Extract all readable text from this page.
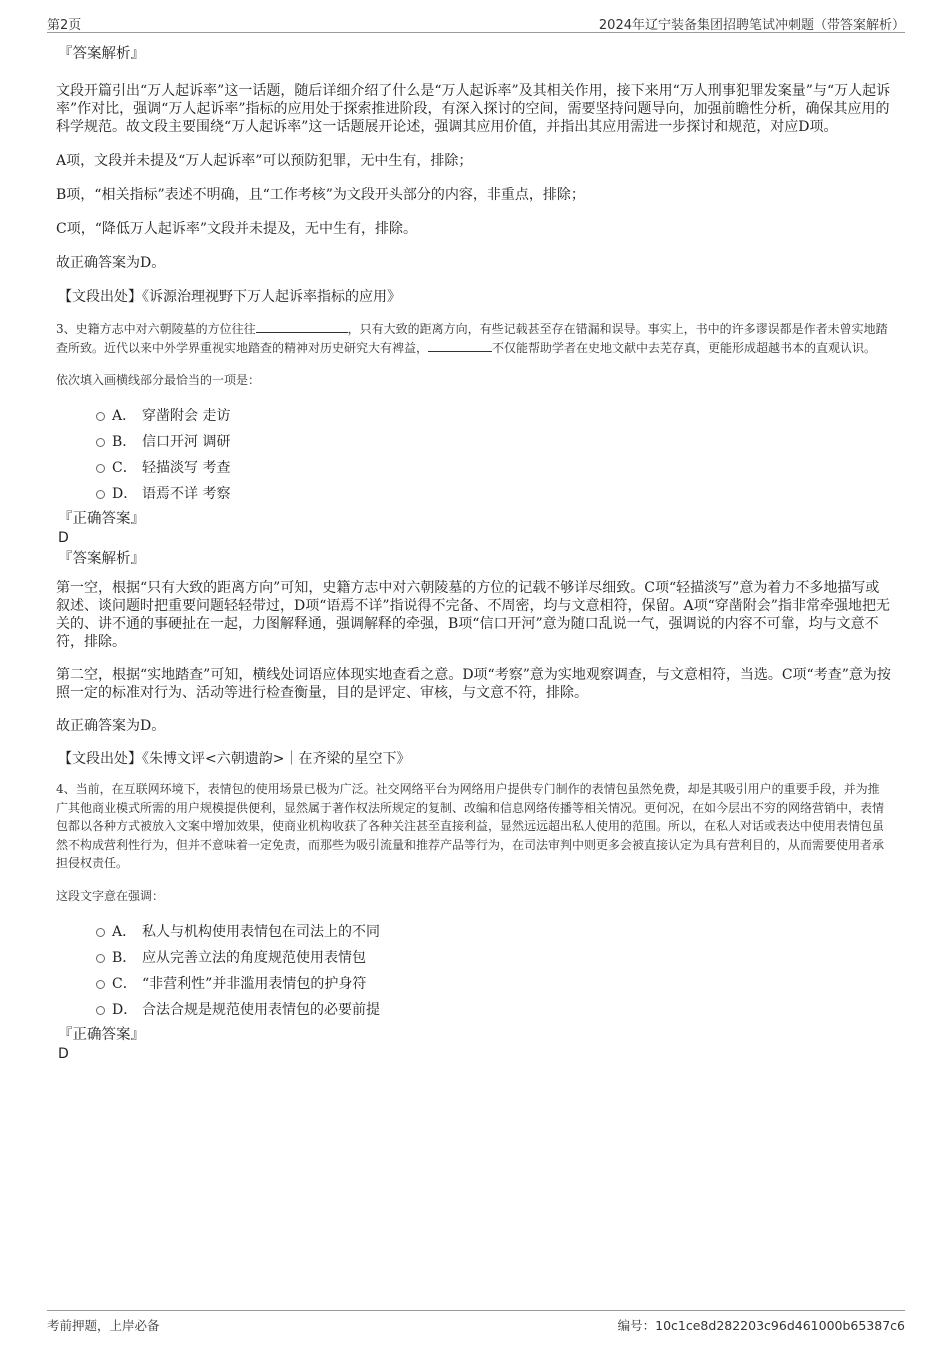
第2页	2024年辽宁装备集团招聘笔试冲刺题（带答案解析）
『答案解析』

文段开篇引出“万人起诉率”这一话题，随后详细介绍了什么是“万人起诉率”及其相关作用，接下来用“万人刑事犯罪发案量”与“万人起诉率”作对比，强调“万人起诉率”指标的应用处于探索推进阶段，有深入探讨的空间，需要坚持问题导向，加强前瞻性分析，确保其应用的科学规范。故文段主要围绕“万人起诉率”这一话题展开论述，强调其应用价值，并指出其应用需进一步探讨和规范，对应D项。

A项，文段并未提及“万人起诉率”可以预防犯罪，无中生有，排除；

B项，“相关指标”表述不明确，且“工作考核”为文段开头部分的内容，非重点，排除；

C项，“降低万人起诉率”文段并未提及，无中生有，排除。

故正确答案为D。

【文段出处】《诉源治理视野下万人起诉率指标的应用》

3、史籍方志中对六朝陵墓的方位往往	，只有大致的距离方向，有些记载甚至存在错漏和误导。事实上，书中的许多谬误都是作者未曾实地踏查所致。近代以来中外学界重视实地踏查的精神对历史研究大有裨益，	不仅能帮助学者在史地文献中去芜存真，更能形成超越书本的直观认识。

依次填入画横线部分最恰当的一项是：

A． 穿凿附会 走访
B． 信口开河 调研
C． 轻描淡写 考查
D． 语焉不详 考察
『正确答案』
D
『答案解析』

第一空，根据“只有大致的距离方向”可知，史籍方志中对六朝陵墓的方位的记载不够详尽细致。C项“轻描淡写”意为着力不多地描写或叙述、谈问题时把重要问题轻轻带过，D项“语焉不详”指说得不完备、不周密，均与文意相符，保留。A项“穿凿附会”指非常牵强地把无关的、讲不通的事硬扯在一起，力图解释通，强调解释的牵强，B项“信口开河”意为随口乱说一气，强调说的内容不可靠，均与文意不符，排除。

第二空，根据“实地踏查”可知，横线处词语应体现实地查看之意。D项“考察”意为实地观察调查，与文意相符，当选。C项“考查”意为按照一定的标准对行为、活动等进行检查衡量，目的是评定、审核，与文意不符，排除。

故正确答案为D。

【文段出处】《朱博文评<六朝遗韵>｜在齐梁的星空下》

4、当前，在互联网环境下，表情包的使用场景已极为广泛。社交网络平台为网络用户提供专门制作的表情包虽然免费，却是其吸引用户的重要手段，并为推广其他商业模式所需的用户规模提供便利，显然属于著作权法所规定的复制、改编和信息网络传播等相关情况。更何况，在如今层出不穷的网络营销中，表情包都以各种方式被放入文案中增加效果，使商业机构收获了各种关注甚至直接利益，显然远远超出私人使用的范围。所以，在私人对话或表达中使用表情包虽然不构成营利性行为，但并不意味着一定免责，而那些为吸引流量和推荐产品等行为，在司法审判中则更多会被直接认定为具有营利目的，从而需要使用者承担侵权责任。

这段文字意在强调：

A． 私人与机构使用表情包在司法上的不同
B． 应从完善立法的角度规范使用表情包
C． “非营利性”并非滥用表情包的护身符
D． 合法合规是规范使用表情包的必要前提
『正确答案』
D
考前押题，上岸必备	编号：10c1ce8d282203c96d461000b65387c6
